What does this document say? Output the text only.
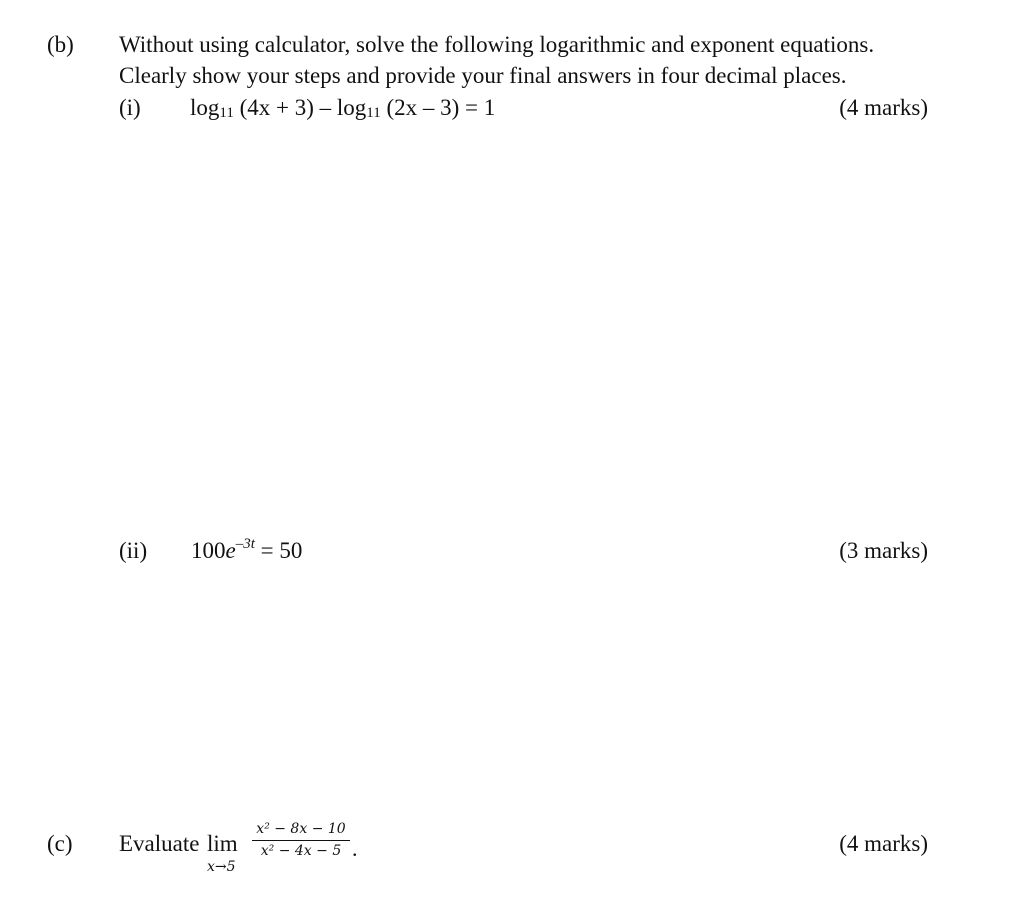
(b) Without using calculator, solve the following logarithmic and exponent equations.
Clearly show your steps and provide your final answers in four decimal places.
(i) log11 (4x + 3) – log11 (2x – 3) = 1	(4 marks)
(ii) $100e^{-3t} = 50$	(3 marks)
(c) Evaluate lim
x→5
x² − 8x − 10
x² − 4x − 5 .	(4 marks)
